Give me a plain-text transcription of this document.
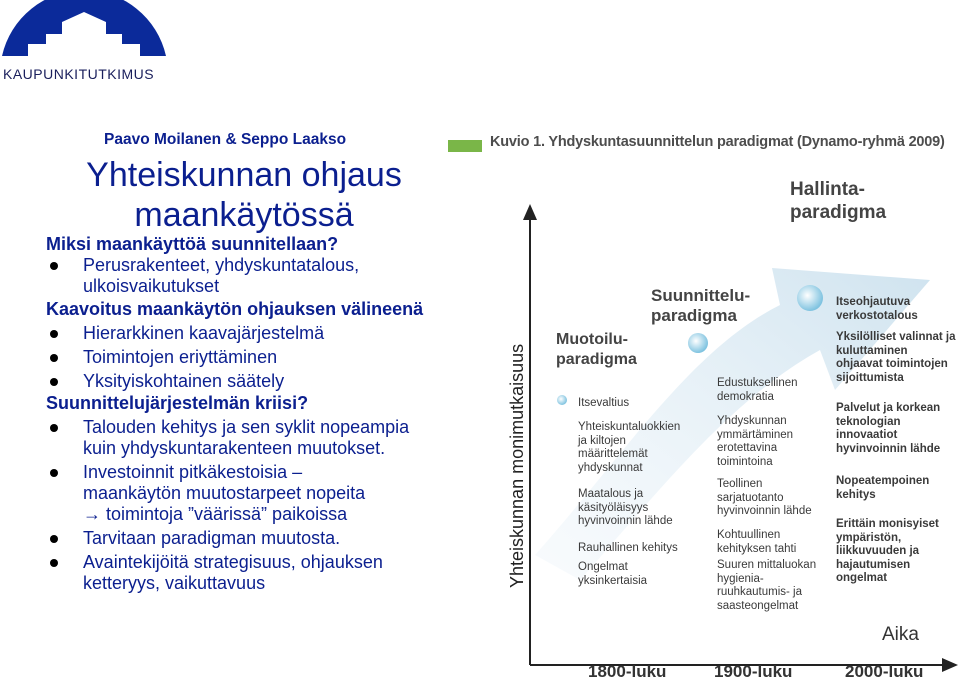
KAUPUNKITUTKIMUS
Paavo Moilanen & Seppo Laakso
Yhteiskunnan ohjaus maankäytössä
Miksi maankäyttöä suunnitellaan?
Perusrakenteet, yhdyskuntatalous, ulkoisvaikutukset
Kaavoitus maankäytön ohjauksen välineenä
Hierarkkinen kaavajärjestelmä
Toimintojen eriyttäminen
Yksityiskohtainen säätely
Suunnittelujärjestelmän kriisi?
Talouden kehitys ja sen syklit nopeampia kuin yhdyskuntarakenteen muutokset.
Investoinnit pitkäkestoisia –
maankäytön muutostarpeet nopeita
→ toimintoja ”väärissä” paikoissa
Tarvitaan paradigman muutosta.
Avaintekijöitä strategisuus, ohjauksen ketteryys, vaikuttavuus
Kuvio 1. Yhdyskuntasuunnittelun paradigmat (Dynamo-ryhmä 2009)
Yhteiskunnan monimutkaisuus
Aika
1800-luku	1900-luku	2000-luku
Muotoilu-
paradigma
Suunnittelu-
paradigma
Hallinta-
paradigma
Itsevaltius
Yhteiskuntaluokkien ja kiltojen määrittelemät yhdyskunnat
Maatalous ja käsityöläisyys hyvinvoinnin lähde
Rauhallinen kehitys
Ongelmat yksinkertaisia
Edustuksellinen demokratia
Yhdyskunnan ymmärtäminen erotettavina toimintoina
Teollinen sarjatuotanto hyvinvoinnin lähde
Kohtuullinen kehityksen tahti
Suuren mittaluokan hygienia-ruuhkautumis- ja saasteongelmat
Itseohjautuva verkostotalous
Yksilölliset valinnat ja kuluttaminen ohjaavat toimintojen sijoittumista
Palvelut ja korkean teknologian innovaatiot hyvinvoinnin lähde
Nopeatempoinen kehitys
Erittäin monisyiset ympäristön, liikkuvuuden ja hajautumisen ongelmat
